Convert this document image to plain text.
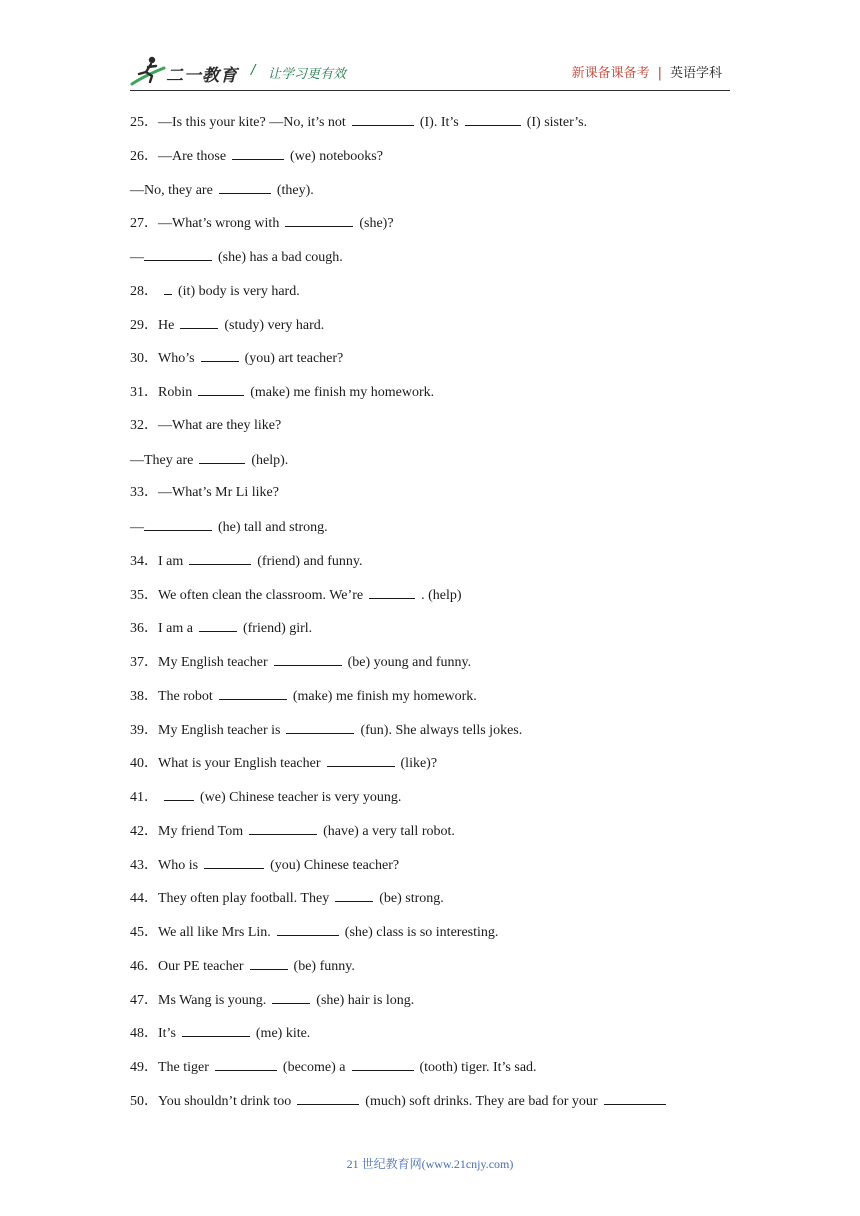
二一教育 / 让学习更有效	新课备课备考 | 英语学科
25．—Is this your kite? —No, it’s not	(I). It’s	(I) sister’s.
26．—Are those	(we) notebooks?
—No, they are	(they).
27．—What’s wrong with	(she)?
—	(she) has a bad cough.
28． (it) body is very hard.
29．He	(study) very hard.
30．Who’s	(you) art teacher?
31．Robin	(make) me finish my homework.
32．—What are they like?
—They are	(help).
33．—What’s Mr Li like?
—	(he) tall and strong.
34．I am	(friend) and funny.
35．We often clean the classroom. We’re	. (help)
36．I am a	(friend) girl.
37．My English teacher	(be) young and funny.
38．The robot	(make) me finish my homework.
39．My English teacher is	(fun). She always tells jokes.
40．What is your English teacher	(like)?
41．	(we) Chinese teacher is very young.
42．My friend Tom	(have) a very tall robot.
43．Who is	(you) Chinese teacher?
44．They often play football. They	(be) strong.
45．We all like Mrs Lin.	(she) class is so interesting.
46．Our PE teacher	(be) funny.
47．Ms Wang is young.	(she) hair is long.
48．It’s	(me) kite.
49．The tiger	(become) a	(tooth) tiger. It’s sad.
50．You shouldn’t drink too	(much) soft drinks. They are bad for your
21 世纪教育网(www.21cnjy.com)
